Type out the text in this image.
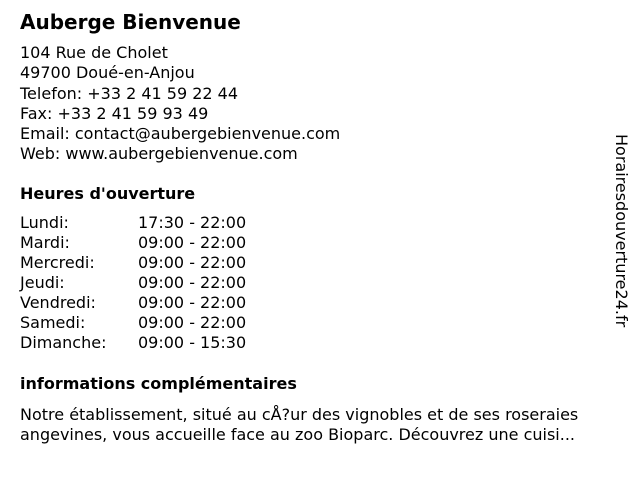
Auberge Bienvenue
104 Rue de Cholet
49700 Doué-en-Anjou
Telefon: +33 2 41 59 22 44
Fax: +33 2 41 59 93 49
Email: contact@aubergebienvenue.com
Web: www.aubergebienvenue.com
Heures d'ouverture
Lundi:	17:30 - 22:00
Mardi:	09:00 - 22:00
Mercredi:	09:00 - 22:00
Jeudi:	09:00 - 22:00
Vendredi:	09:00 - 22:00
Samedi:	09:00 - 22:00
Dimanche: 09:00 - 15:30
informations complémentaires
Notre établissement, situé au cÅ?ur des vignobles et de ses roseraies
angevines, vous accueille face au zoo Bioparc. Découvrez une cuisi...
Horairesdouverture24.fr
